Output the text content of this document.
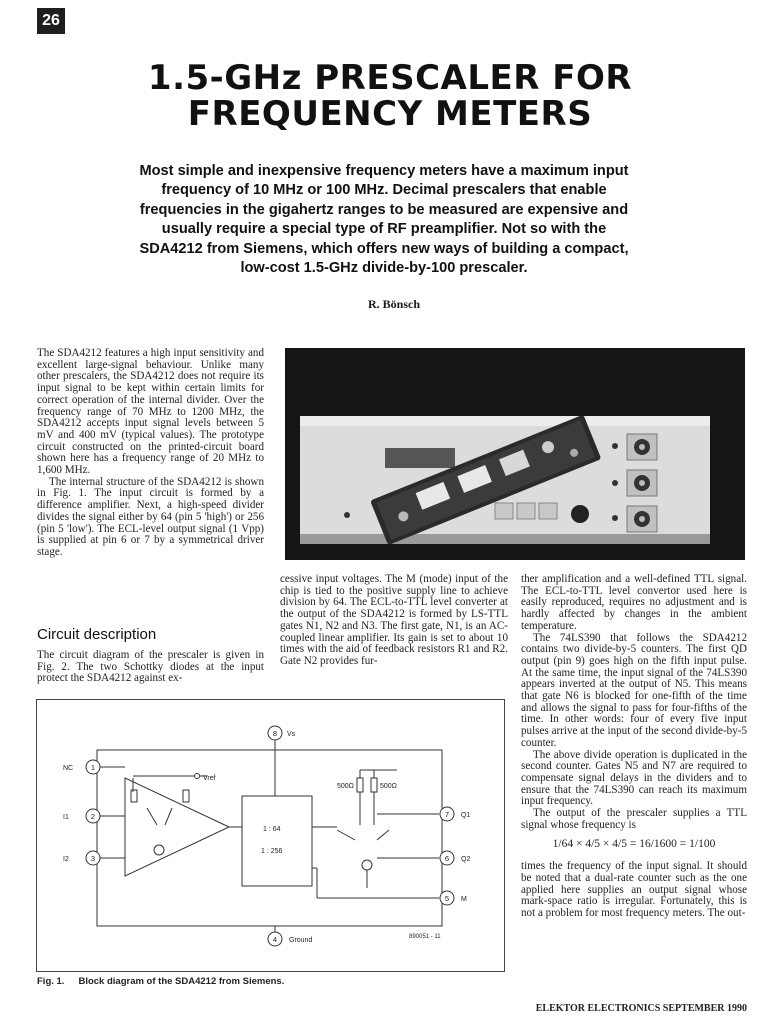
26
1.5-GHz PRESCALER FOR
FREQUENCY METERS
Most simple and inexpensive frequency meters have a maximum input frequency of 10 MHz or 100 MHz. Decimal prescalers that enable frequencies in the gigahertz ranges to be measured are expensive and usually require a special type of RF preamplifier. Not so with the SDA4212 from Siemens, which offers new ways of building a compact, low-cost 1.5-GHz divide-by-100 prescaler.
R. Bönsch

The SDA4212 features a high input sensitivity and excellent large-signal behaviour. Unlike many other prescalers, the SDA4212 does not require its input signal to be kept within certain limits for correct operation of the internal divider. Over the frequency range of 70 MHz to 1200 MHz, the SDA4212 accepts input signal levels between 5 mV and 400 mV (typical values). The prototype circuit constructed on the printed-circuit board shown here has a frequency range of 20 MHz to 1,600 MHz.

The internal structure of the SDA4212 is shown in Fig. 1. The input circuit is formed by a difference amplifier. Next, a high-speed divider divides the signal either by 64 (pin 5 'high') or 256 (pin 5 'low'). The ECL-level output signal (1 Vpp) is supplied at pin 6 or 7 by a symmetrical driver stage.

Circuit description
The circuit diagram of the prescaler is given in Fig. 2. The two Schottky diodes at the input protect the SDA4212 against ex-
cessive input voltages. The M (mode) input of the chip is tied to the positive supply line to achieve division by 64. The ECL-to-TTL level converter at the output of the SDA4212 is formed by LS-TTL gates N1, N2 and N3. The first gate, N1, is an AC-coupled linear amplifier. Its gain is set to about 10 times with the aid of feedback resistors R1 and R2. Gate N2 provides fur-

ther amplification and a well-defined TTL signal. The ECL-to-TTL level convertor used here is easily reproduced, requires no adjustment and is hardly affected by changes in the ambient temperature.

The 74LS390 that follows the SDA4212 contains two divide-by-5 counters. The first QD output (pin 9) goes high on the fifth input pulse. At the same time, the input signal of the 74LS390 appears inverted at the output of N5. This means that gate N6 is blocked for one-fifth of the time and allows the signal to pass for four-fifths of the time. In other words: four of every five input pulses arrive at the input of the second divide-by-5 counter.

The above divide operation is duplicated in the second counter. Gates N5 and N7 are required to compensate signal delays in the dividers and to ensure that the 74LS390 can reach its maximum input frequency.

The output of the prescaler supplies a TTL signal whose frequency is

1/64 × 4/5 × 4/5 = 16/1600 = 1/100

times the frequency of the input signal. It should be noted that a dual-rate counter such as the one applied here supplies an output signal whose mark-space ratio is irregular. Fortunately, this is not a problem for most frequency meters. The out-

1
2
3
8
4
7
6
5
NC
I1
I2
Vs
Ground
Q1
Q2
M
Vref
1 : 64
1 : 256
500Ω	500Ω
890051 - 11
Fig. 1. Block diagram of the SDA4212 from Siemens.
ELEKTOR ELECTRONICS SEPTEMBER 1990
